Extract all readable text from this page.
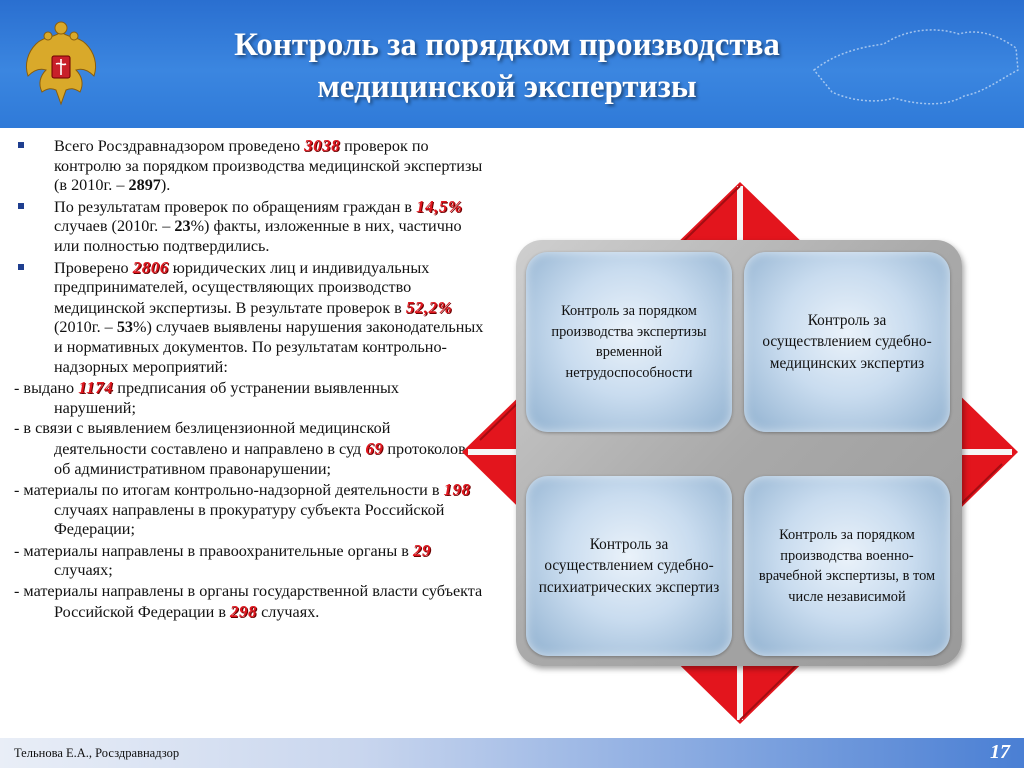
Контроль за порядком производства
медицинской экспертизы
Всего Росздравнадзором проведено 3038 проверок по контролю за порядком производства медицинской экспертизы (в 2010г. – 2897).
По результатам проверок по обращениям граждан в 14,5% случаев (2010г. – 23%) факты, изложенные в них, частично или полностью подтвердились.
Проверено 2806 юридических лиц и индивидуальных предпринимателей, осуществляющих производство медицинской экспертизы. В результате проверок в 52,2% (2010г. – 53%) случаев выявлены нарушения законодательных и нормативных документов. По результатам контрольно-надзорных мероприятий:
- выдано 1174 предписания об устранении выявленных нарушений;
- в связи с выявлением безлицензионной медицинской деятельности составлено и направлено в суд 69 протоколов об административном правонарушении;
- материалы по итогам контрольно-надзорной деятельности в 198 случаях направлены в прокуратуру субъекта Российской Федерации;
- материалы направлены в правоохранительные органы в 29 случаях;
- материалы направлены в органы государственной власти субъекта Российской Федерации в 298 случаях.
Контроль за порядком производства экспертизы временной нетрудоспособности
Контроль за осуществлением судебно-медицинских экспертиз
Контроль за осуществлением судебно-психиатрических экспертиз
Контроль за порядком производства военно-врачебной экспертизы, в том числе независимой
Тельнова Е.А., Росздравнадзор	17
